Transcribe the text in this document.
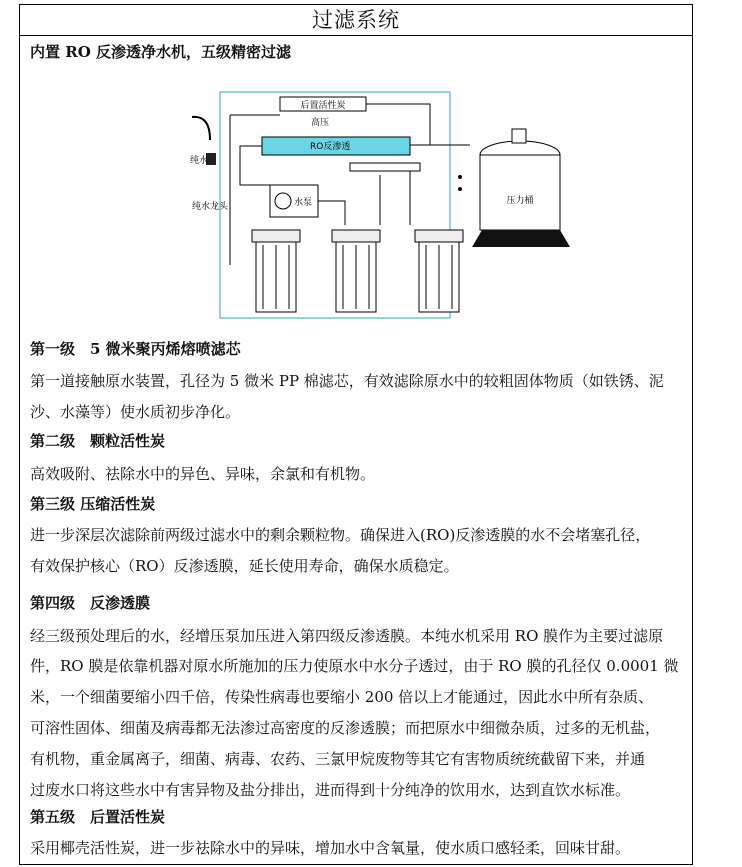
过滤系统
内置 RO 反渗透净水机，五级精密过滤
后置活性炭
高压
RO反渗透
水泵
纯水
纯水龙头
压力桶
第一级　5 微米聚丙烯熔喷滤芯
第一道接触原水装置，孔径为 5 微米 PP 棉滤芯，有效滤除原水中的较粗固体物质（如铁锈、泥
沙、水藻等）使水质初步净化。
第二级　颗粒活性炭
高效吸附、祛除水中的异色、异味，余氯和有机物。
第三级 压缩活性炭
进一步深层次滤除前两级过滤水中的剩余颗粒物。确保进入(RO)反渗透膜的水不会堵塞孔径，
有效保护核心（RO）反渗透膜，延长使用寿命，确保水质稳定。
第四级　反渗透膜
经三级预处理后的水，经增压泵加压进入第四级反渗透膜。本纯水机采用 RO 膜作为主要过滤原
件，RO 膜是依靠机器对原水所施加的压力使原水中水分子透过，由于 RO 膜的孔径仅 0.0001 微
米，一个细菌要缩小四千倍，传染性病毒也要缩小 200 倍以上才能通过，因此水中所有杂质、
可溶性固体、细菌及病毒都无法渗过高密度的反渗透膜；而把原水中细微杂质，过多的无机盐，
有机物，重金属离子，细菌、病毒、农药、三氯甲烷废物等其它有害物质统统截留下来，并通
过废水口将这些水中有害异物及盐分排出，进而得到十分纯净的饮用水，达到直饮水标准。
第五级　后置活性炭
采用椰壳活性炭，进一步祛除水中的异味，增加水中含氧量，使水质口感轻柔，回味甘甜。
